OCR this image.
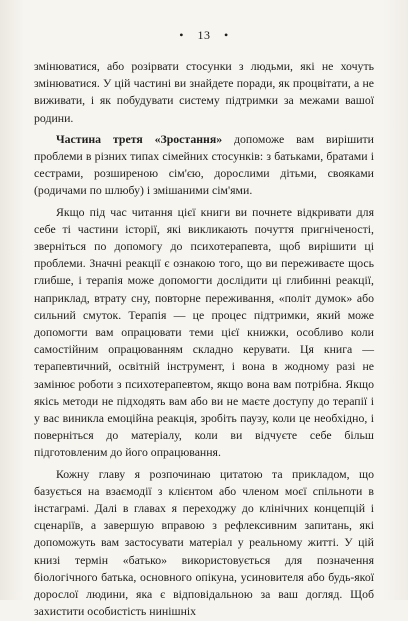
• 13 •

змінюватися, або розірвати стосунки з людьми, які не хочуть змінюватися. У цій частині ви знайдете поради, як процвітати, а не виживати, і як побудувати систему підтримки за межами вашої родини.

Частина третя «Зростання» допоможе вам вирішити проблеми в різних типах сімейних стосунків: з батьками, братами і сестрами, розширеною сім'єю, дорослими дітьми, свояками (родичами по шлюбу) і змішаними сім'ями.

Якщо під час читання цієї книги ви почнете відкривати для себе ті частини історії, які викликають почуття пригніченості, зверніться по допомогу до психотерапевта, щоб вирішити ці проблеми. Значні реакції є ознакою того, що ви переживаєте щось глибше, і терапія може допомогти дослідити ці глибинні реакції, наприклад, втрату сну, повторне переживання, «політ думок» або сильний смуток. Терапія — це процес підтримки, який може допомогти вам опрацювати теми цієї книжки, особливо коли самостійним опрацюванням складно керувати. Ця книга — терапевтичний, освітній інструмент, і вона в жодному разі не замінює роботи з психотерапевтом, якщо вона вам потрібна. Якщо якісь методи не підходять вам або ви не маєте доступу до терапії і у вас виникла емоційна реакція, зробіть паузу, коли це необхідно, і поверніться до матеріалу, коли ви відчуєте себе більш підготовленим до його опрацювання.

Кожну главу я розпочинаю цитатою та прикладом, що базується на взаємодії з клієнтом або членом моєї спільноти в інстаграмі. Далі в главах я переходжу до клінічних концепцій і сценаріїв, а завершую вправою з рефлексивним запитань, які допоможуть вам застосувати матеріал у реальному житті. У цій книзі термін «батько» використовується для позначення біологічного батька, основного опікуна, усиновителя або будь-якої дорослої людини, яка є відповідальною за ваш догляд. Щоб захистити особистість нинішніх
